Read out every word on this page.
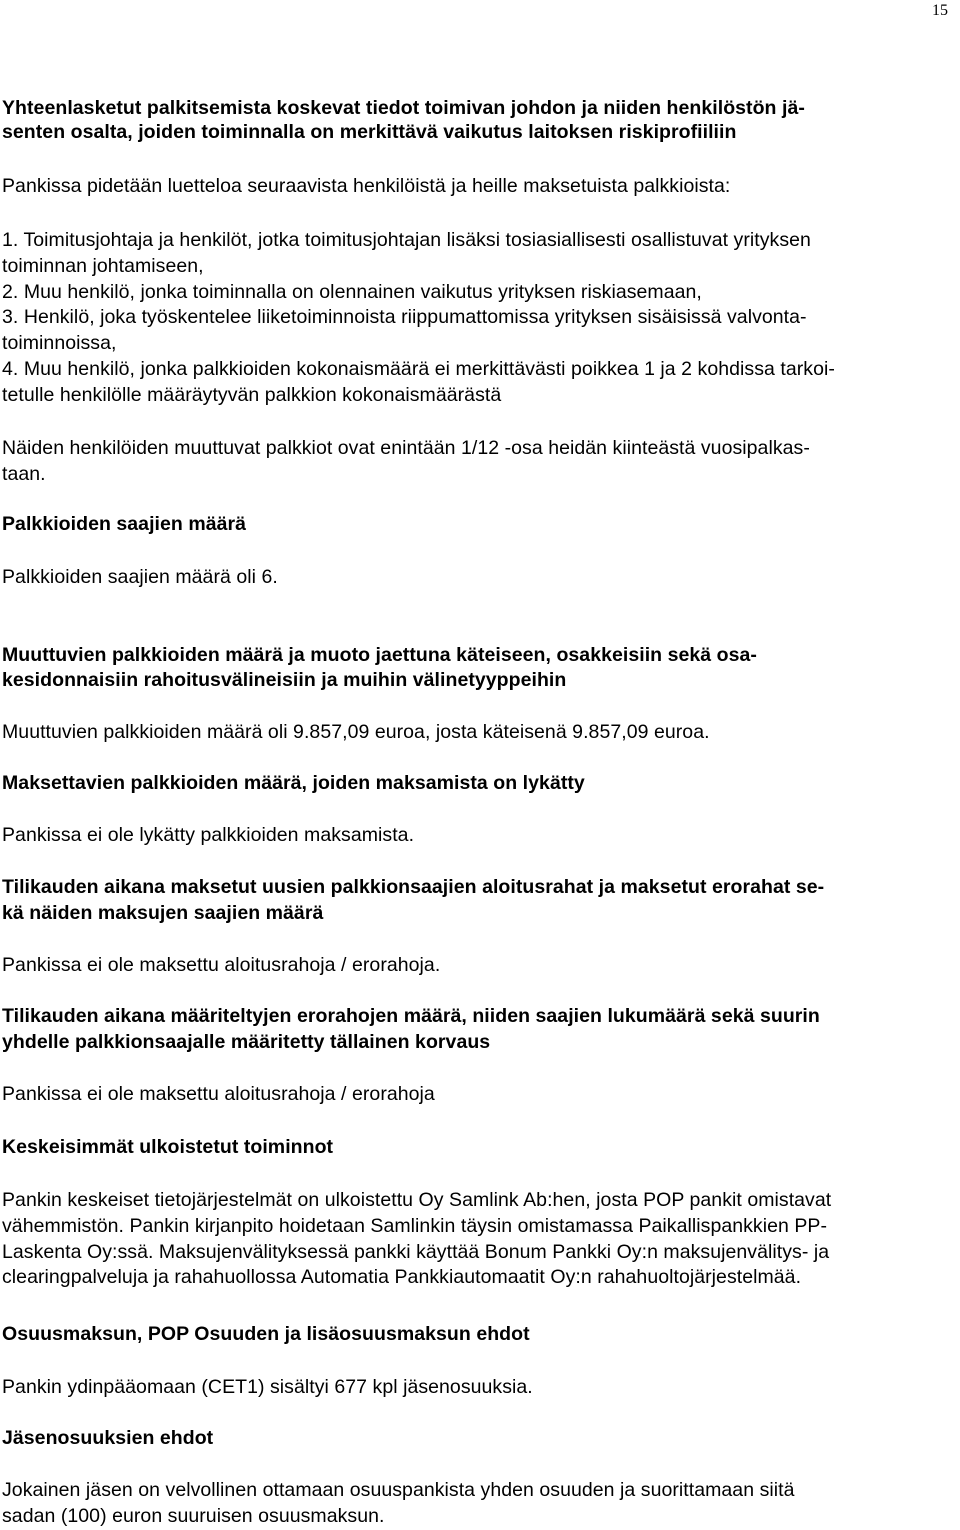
15
Yhteenlasketut palkitsemista koskevat tiedot toimivan johdon ja niiden henkilöstön jä-
senten osalta, joiden toiminnalla on merkittävä vaikutus laitoksen riskiprofiiliin
Pankissa pidetään luetteloa seuraavista henkilöistä ja heille maksetuista palkkioista:
1. Toimitusjohtaja ja henkilöt, jotka toimitusjohtajan lisäksi tosiasiallisesti osallistuvat yrityksen
toiminnan johtamiseen,
2. Muu henkilö, jonka toiminnalla on olennainen vaikutus yrityksen riskiasemaan,
3. Henkilö, joka työskentelee liiketoiminnoista riippumattomissa yrityksen sisäisissä valvonta-
toiminnoissa,
4. Muu henkilö, jonka palkkioiden kokonaismäärä ei merkittävästi poikkea 1 ja 2 kohdissa tarkoi-
tetulle henkilölle määräytyvän palkkion kokonaismäärästä
Näiden henkilöiden muuttuvat palkkiot ovat enintään 1/12 -osa heidän kiinteästä vuosipalkas-
taan.
Palkkioiden saajien määrä
Palkkioiden saajien määrä oli 6.
Muuttuvien palkkioiden määrä ja muoto jaettuna käteiseen, osakkeisiin sekä osa-
kesidonnaisiin rahoitusvälineisiin ja muihin välinetyyppeihin
Muuttuvien palkkioiden määrä oli 9.857,09 euroa, josta käteisenä 9.857,09 euroa.
Maksettavien palkkioiden määrä, joiden maksamista on lykätty
Pankissa ei ole lykätty palkkioiden maksamista.
Tilikauden aikana maksetut uusien palkkionsaajien aloitusrahat ja maksetut erorahat se-
kä näiden maksujen saajien määrä
Pankissa ei ole maksettu aloitusrahoja / erorahoja.
Tilikauden aikana määriteltyjen erorahojen määrä, niiden saajien lukumäärä sekä suurin
yhdelle palkkionsaajalle määritetty tällainen korvaus
Pankissa ei ole maksettu aloitusrahoja / erorahoja
Keskeisimmät ulkoistetut toiminnot
Pankin keskeiset tietojärjestelmät on ulkoistettu Oy Samlink Ab:hen, josta POP pankit omistavat
vähemmistön. Pankin kirjanpito hoidetaan Samlinkin täysin omistamassa Paikallispankkien PP-
Laskenta Oy:ssä. Maksujenvälityksessä pankki käyttää Bonum Pankki Oy:n maksujenvälitys- ja
clearingpalveluja ja rahahuollossa Automatia Pankkiautomaatit Oy:n rahahuoltojärjestelmää.
Osuusmaksun, POP Osuuden ja lisäosuusmaksun ehdot
Pankin ydinpääomaan (CET1) sisältyi 677 kpl jäsenosuuksia.
Jäsenosuuksien ehdot
Jokainen jäsen on velvollinen ottamaan osuuspankista yhden osuuden ja suorittamaan siitä
sadan (100) euron suuruisen osuusmaksun.
